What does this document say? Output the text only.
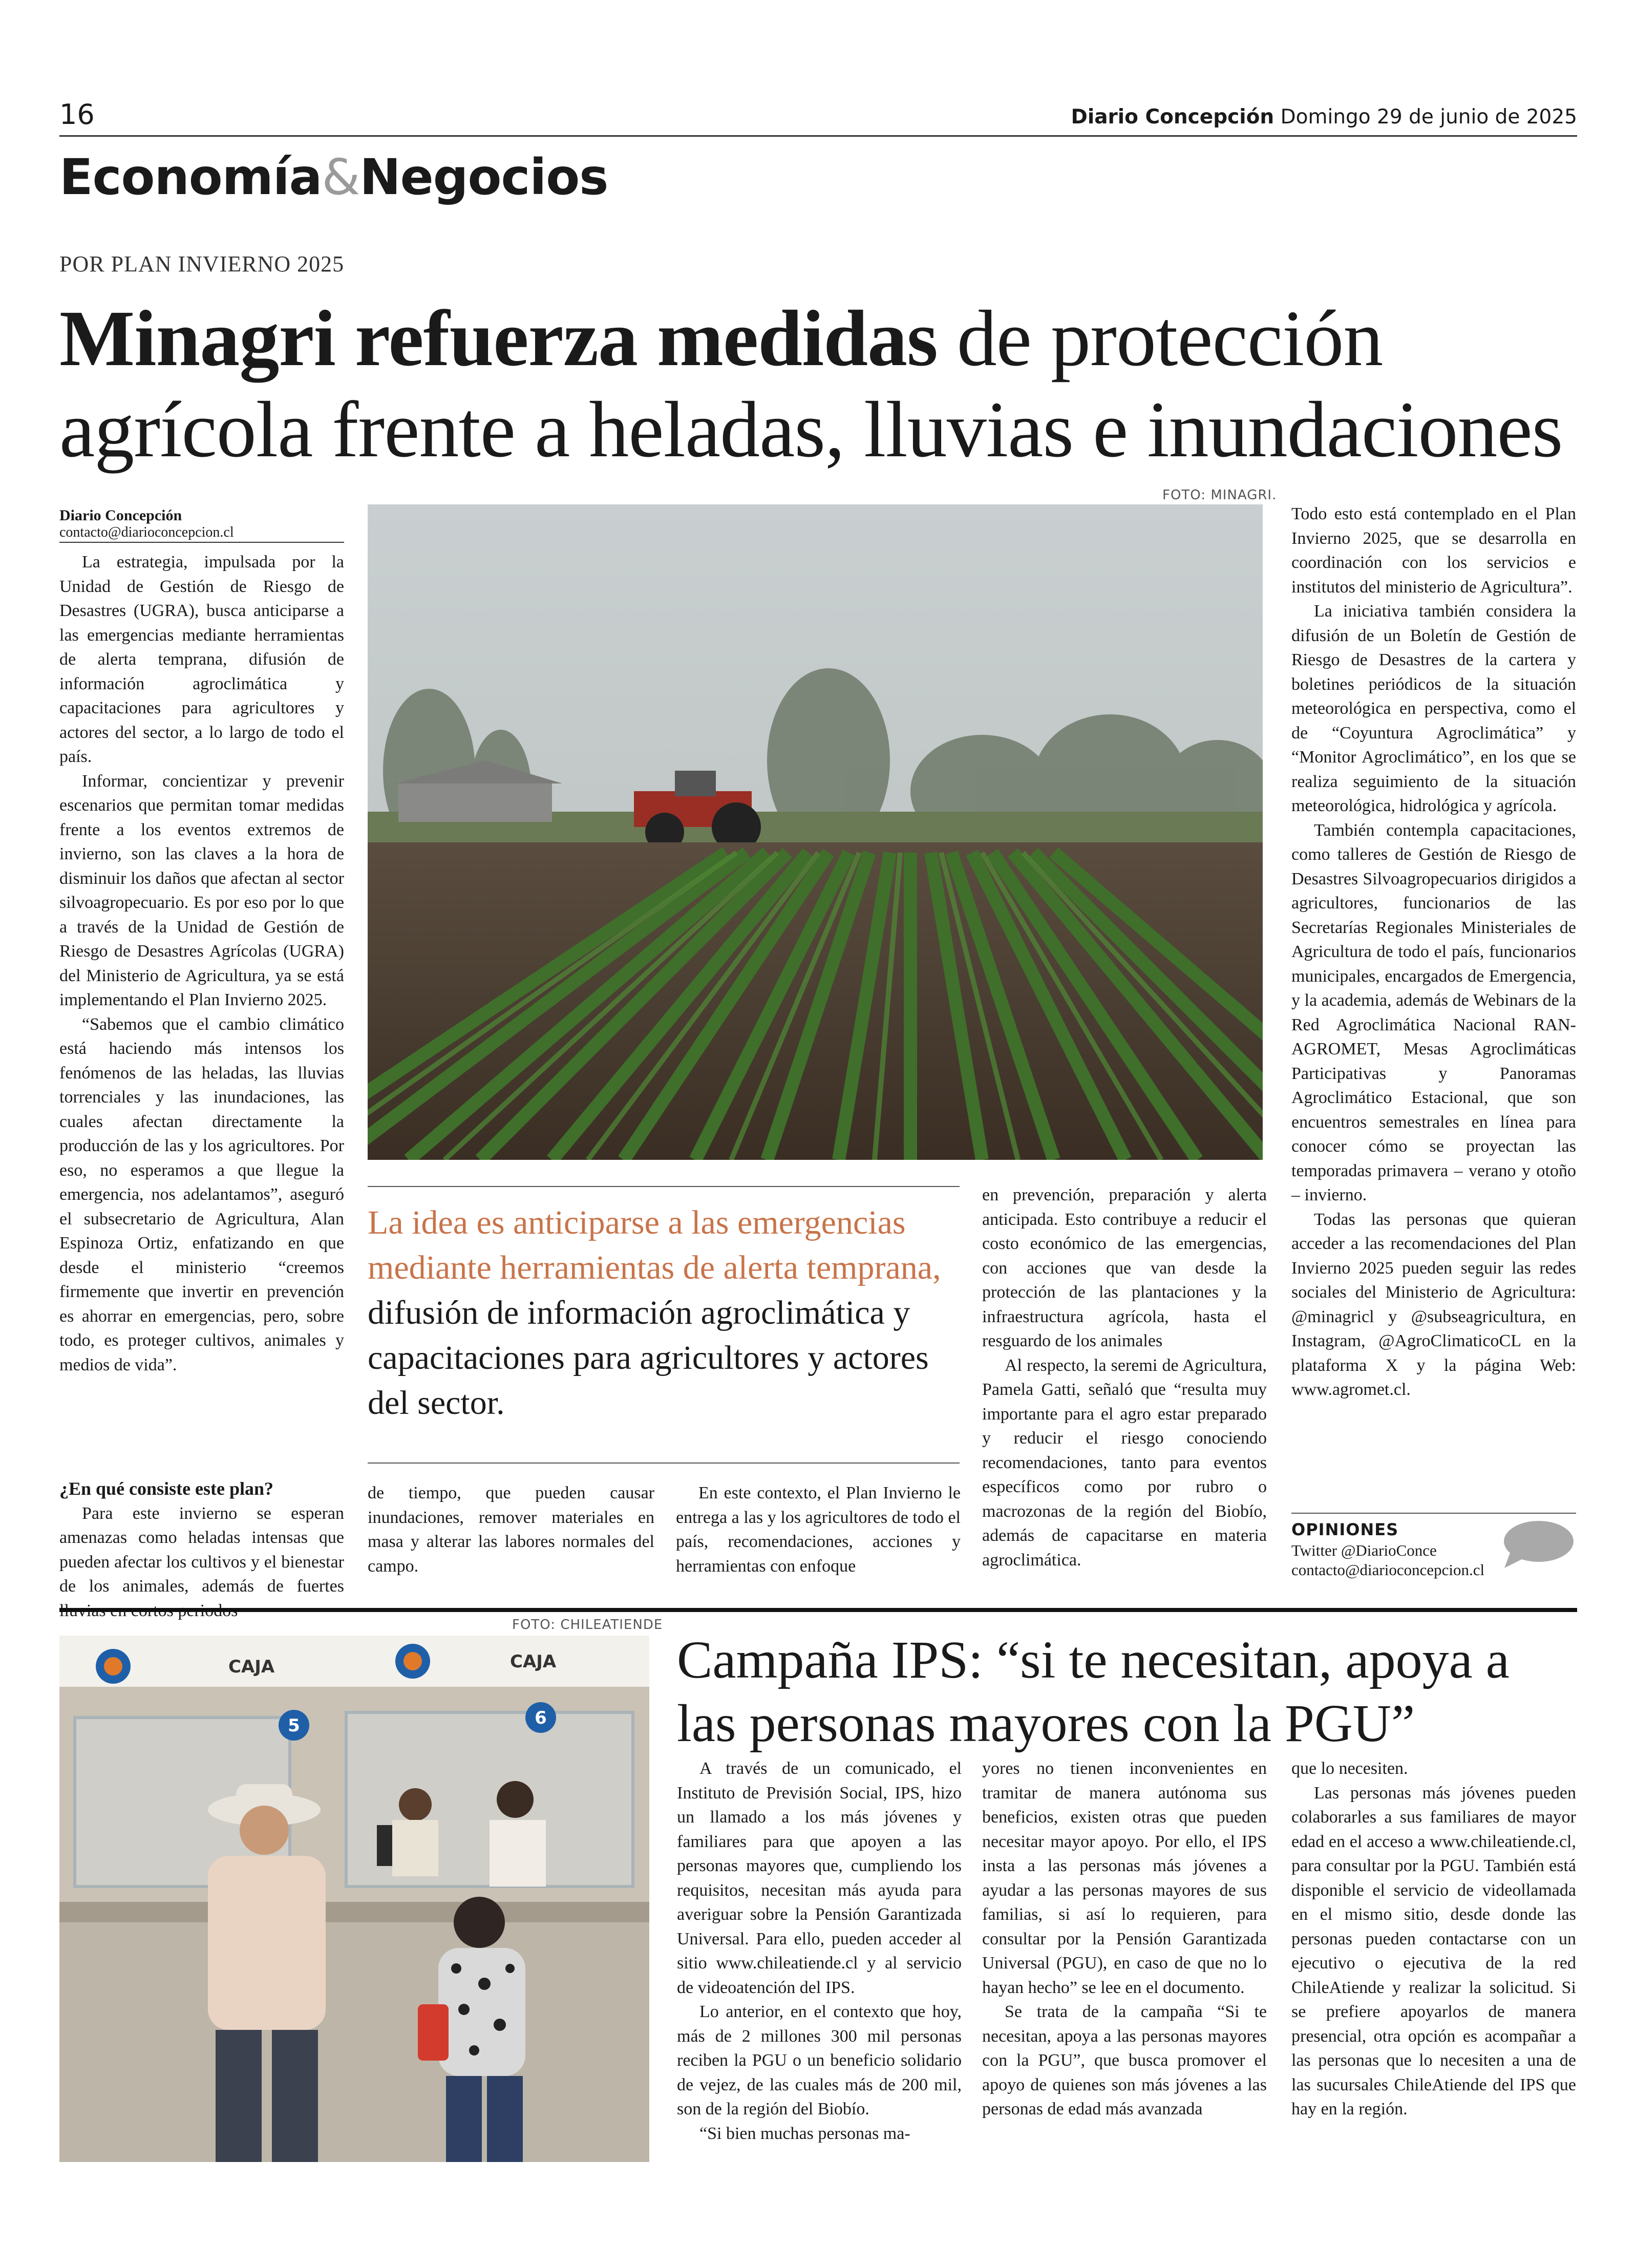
16	Diario Concepción Domingo 29 de junio de 2025
Economía&Negocios
POR PLAN INVIERNO 2025
Minagri refuerza medidas de protección agrícola frente a heladas, lluvias e inundaciones
Diario Concepción
contacto@diarioconcepcion.cl

La estrategia, impulsada por la Unidad de Gestión de Riesgo de Desastres (UGRA), busca anticiparse a las emergencias mediante herramientas de alerta temprana, difusión de información agroclimática y capacitaciones para agricultores y actores del sector, a lo largo de todo el país.

Informar, concientizar y prevenir escenarios que permitan tomar medidas frente a los eventos extremos de invierno, son las claves a la hora de disminuir los daños que afectan al sector silvoagropecuario. Es por eso por lo que a través de la Unidad de Gestión de Riesgo de Desastres Agrícolas (UGRA) del Ministerio de Agricultura, ya se está implementando el Plan Invierno 2025.

“Sabemos que el cambio climático está haciendo más intensos los fenómenos de las heladas, las lluvias torrenciales y las inundaciones, las cuales afectan directamente la producción de las y los agricultores. Por eso, no esperamos a que llegue la emergencia, nos adelantamos”, aseguró el subsecretario de Agricultura, Alan Espinoza Ortiz, enfatizando en que desde el ministerio “creemos firmemente que invertir en prevención es ahorrar en emergencias, pero, sobre todo, es proteger cultivos, animales y medios de vida”.

¿En qué consiste este plan?

Para este invierno se esperan amenazas como heladas intensas que pueden afectar los cultivos y el bienestar de los animales, además de fuertes

FOTO: MINAGRI.
La idea es anticiparse a las emergencias mediante herramientas de alerta temprana, difusión de información agroclimática y capacitaciones para agricultores y actores del sector.

de tiempo, que pueden causar inundaciones, remover materiales en masa y alterar las labores normales del campo.

En este contexto, el Plan Invierno le entrega a las y los agricultores de todo el país, recomendaciones, acciones y herramientas con enfoque

en prevención, preparación y alerta anticipada. Esto contribuye a reducir el costo económico de las emergencias, con acciones que van desde la protección de las plantaciones y la infraestructura agrícola, hasta el resguardo de los animales

Al respecto, la seremi de Agricultura, Pamela Gatti, señaló que “resulta muy importante para el agro estar preparado y reducir el riesgo conociendo recomendaciones, tanto para eventos específicos como por rubro o macrozonas de la región del Biobío, además de capacitarse en materia agroclimática.

Todo esto está contemplado en el Plan Invierno 2025, que se desarrolla en coordinación con los servicios e institutos del ministerio de Agricultura”.

La iniciativa también considera la difusión de un Boletín de Gestión de Riesgo de Desastres de la cartera y boletines periódicos de la situación meteorológica en perspectiva, como el de “Coyuntura Agroclimática” y “Monitor Agroclimático”, en los que se realiza seguimiento de la situación meteorológica, hidrológica y agrícola.

También contempla capacitaciones, como talleres de Gestión de Riesgo de Desastres Silvoagropecuarios dirigidos a agricultores, funcionarios de las Secretarías Regionales Ministeriales de Agricultura de todo el país, funcionarios municipales, encargados de Emergencia, y la academia, además de Webinars de la Red Agroclimática Nacional RAN-AGROMET, Mesas Agroclimáticas Participativas y Panoramas Agroclimático Estacional, que son encuentros semestrales en línea para conocer cómo se proyectan las temporadas primavera – verano y otoño – invierno.

Todas las personas que quieran acceder a las recomendaciones del Plan Invierno 2025 pueden seguir las redes sociales del Ministerio de Agricultura: @minagricl y @subseagricultura, en Instagram, @AgroClimaticoCL en la plataforma X y la página Web: www.agromet.cl.

OPINIONES
Twitter @DiarioConce
contacto@diarioconcepcion.cl
FOTO: CHILEATIENDE
CAJA	CAJA
5	6
Campaña IPS: “si te necesitan, apoya a las personas mayores con la PGU”

A través de un comunicado, el Instituto de Previsión Social, IPS, hizo un llamado a los más jóvenes y familiares para que apoyen a las personas mayores que, cumpliendo los requisitos, necesitan más ayuda para averiguar sobre la Pensión Garantizada Universal. Para ello, pueden acceder al sitio www.chileatiende.cl y al servicio de videoatención del IPS.

Lo anterior, en el contexto que hoy, más de 2 millones 300 mil personas reciben la PGU o un beneficio solidario de vejez, de las cuales más de 200 mil, son de la región del Biobío.

“Si bien muchas personas ma-

yores no tienen inconvenientes en tramitar de manera autónoma sus beneficios, existen otras que pueden necesitar mayor apoyo. Por ello, el IPS insta a las personas más jóvenes a ayudar a las personas mayores de sus familias, si así lo requieren, para consultar por la Pensión Garantizada Universal (PGU), en caso de que no lo hayan hecho” se lee en el documento.

Se trata de la campaña “Si te necesitan, apoya a las personas mayores con la PGU”, que busca promover el apoyo de quienes son más jóvenes a las personas de edad más avanzada

que lo necesiten.

Las personas más jóvenes pueden colaborarles a sus familiares de mayor edad en el acceso a www.chileatiende.cl, para consultar por la PGU. También está disponible el servicio de videollamada en el mismo sitio, desde donde las personas pueden contactarse con un ejecutivo o ejecutiva de la red ChileAtiende y realizar la solicitud. Si se prefiere apoyarlos de manera presencial, otra opción es acompañar a las personas que lo necesiten a una de las sucursales ChileAtiende del IPS que hay en la región.
